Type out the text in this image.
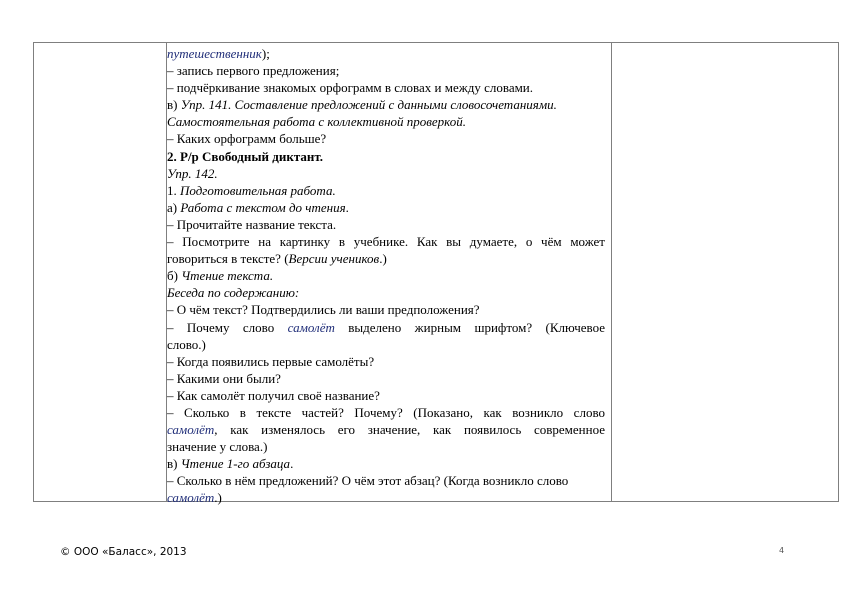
путешественник);
– запись первого предложения;
– подчёркивание знакомых орфограмм в словах и между словами.
в) Упр. 141. Составление предложений с данными словосочетаниями.
Самостоятельная работа с коллективной проверкой.
– Каких орфограмм больше?
2. Р/р Свободный диктант.
Упр. 142.
1. Подготовительная работа.
а) Работа с текстом до чтения.
– Прочитайте название текста.
– Посмотрите на картинку в учебнике. Как вы думаете, о чём может
говориться в тексте? (Версии учеников.)
б) Чтение текста.
Беседа по содержанию:
– О чём текст? Подтвердились ли ваши предположения?
– Почему слово самолёт выделено жирным шрифтом? (Ключевое
слово.)
– Когда появились первые самолёты?
– Какими они были?
– Как самолёт получил своё название?
– Сколько в тексте частей? Почему? (Показано, как возникло слово
самолёт, как изменялось его значение, как появилось современное
значение у слова.)
в) Чтение 1-го абзаца.
– Сколько в нём предложений? О чём этот абзац? (Когда возникло слово
самолёт.)
© ООО «Баласс», 2013	4
